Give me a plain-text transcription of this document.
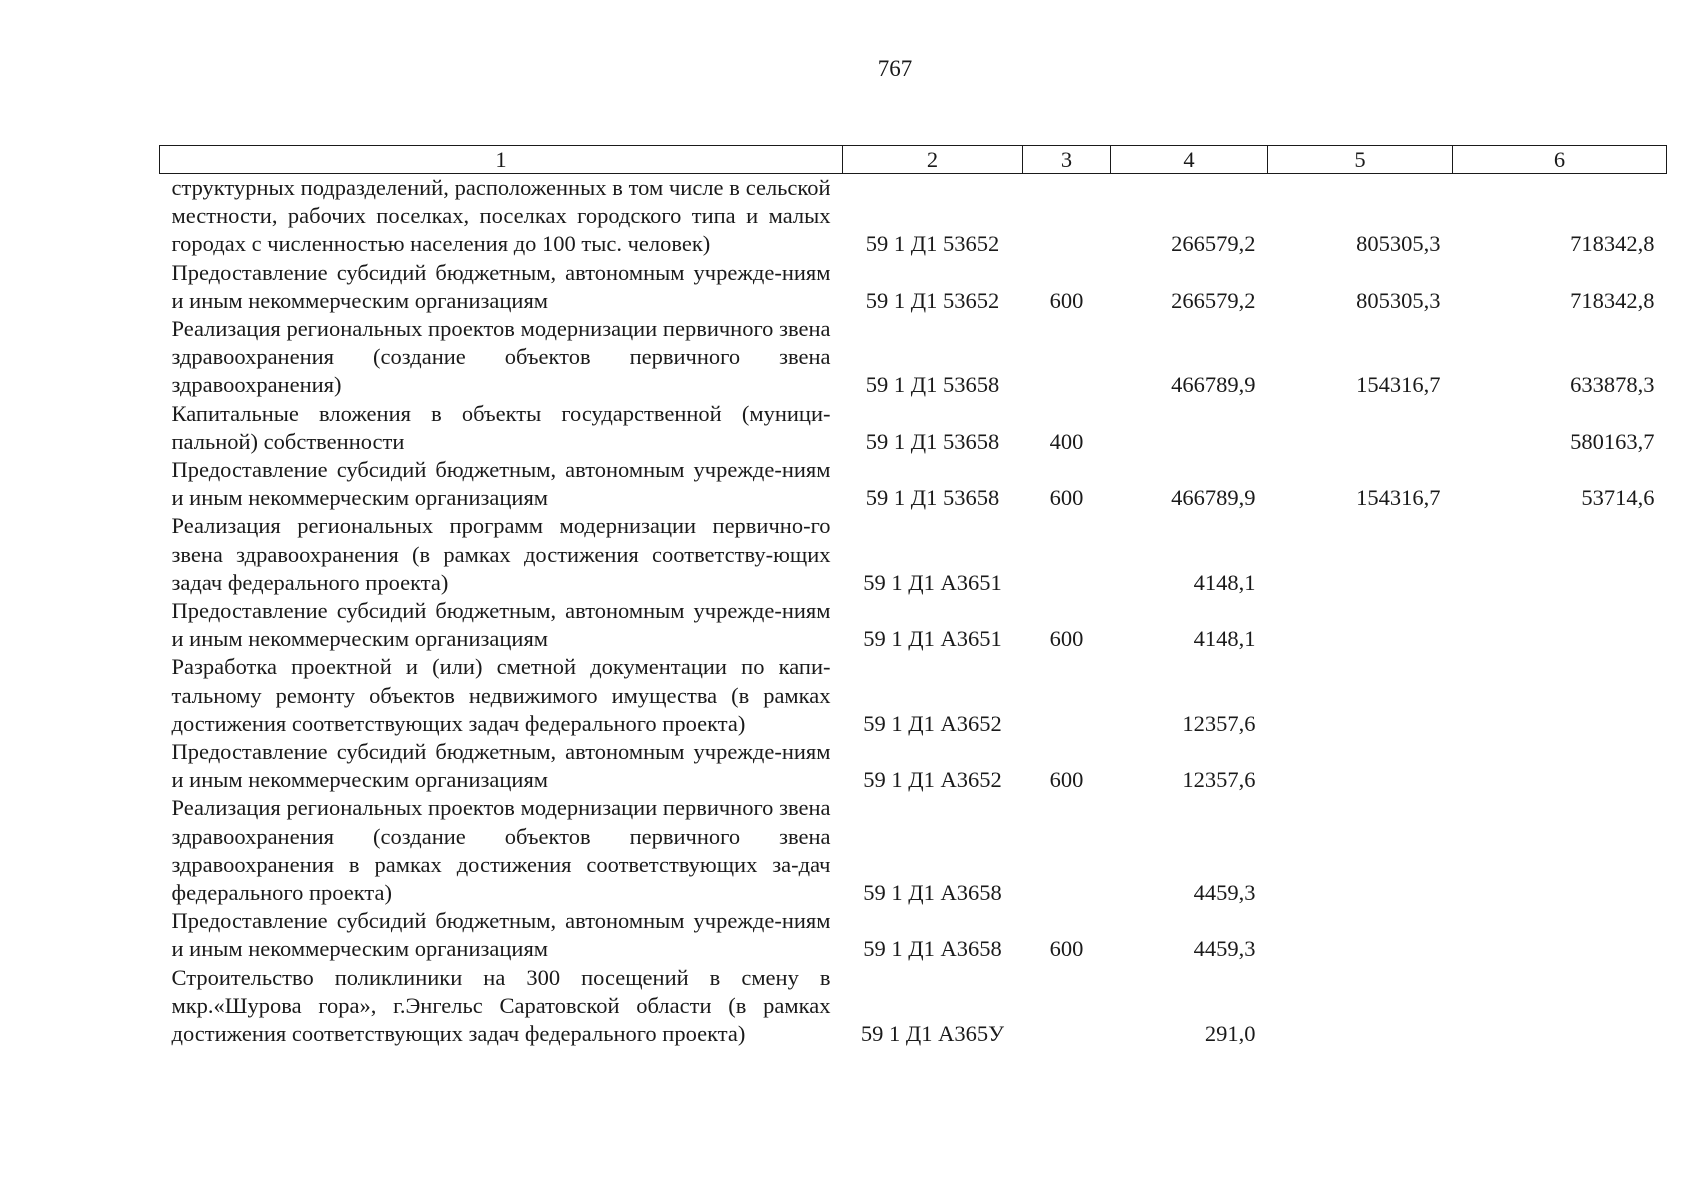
767
1	2	3	4	5	6
структурных подразделений, расположенных в том числе в сельской местности, рабочих поселках, поселках городского типа и малых городах с численностью населения до 100 тыс. человек)	59 1 Д1 53652		266579,2	805305,3	718342,8
Предоставление субсидий бюджетным, автономным учрежде-ниям и иным некоммерческим организациям	59 1 Д1 53652	600	266579,2	805305,3	718342,8
Реализация региональных проектов модернизации первичного звена здравоохранения (создание объектов первичного звена здравоохранения)	59 1 Д1 53658		466789,9	154316,7	633878,3
Капитальные вложения в объекты государственной (муници-пальной) собственности	59 1 Д1 53658	400			580163,7
Предоставление субсидий бюджетным, автономным учрежде-ниям и иным некоммерческим организациям	59 1 Д1 53658	600	466789,9	154316,7	53714,6
Реализация региональных программ модернизации первично-го звена здравоохранения (в рамках достижения соответству-ющих задач федерального проекта)	59 1 Д1 А3651		4148,1		
Предоставление субсидий бюджетным, автономным учрежде-ниям и иным некоммерческим организациям	59 1 Д1 А3651	600	4148,1		
Разработка проектной и (или) сметной документации по капи-тальному ремонту объектов недвижимого имущества (в рамках достижения соответствующих задач федерального проекта)	59 1 Д1 А3652		12357,6		
Предоставление субсидий бюджетным, автономным учрежде-ниям и иным некоммерческим организациям	59 1 Д1 А3652	600	12357,6		
Реализация региональных проектов модернизации первичного звена здравоохранения (создание объектов первичного звена здравоохранения в рамках достижения соответствующих за-дач федерального проекта)	59 1 Д1 А3658		4459,3		
Предоставление субсидий бюджетным, автономным учрежде-ниям и иным некоммерческим организациям	59 1 Д1 А3658	600	4459,3		
Строительство поликлиники на 300 посещений в смену в мкр.«Шурова гора», г.Энгельс Саратовской области (в рамках достижения соответствующих задач федерального проекта)	59 1 Д1 А365У		291,0		
